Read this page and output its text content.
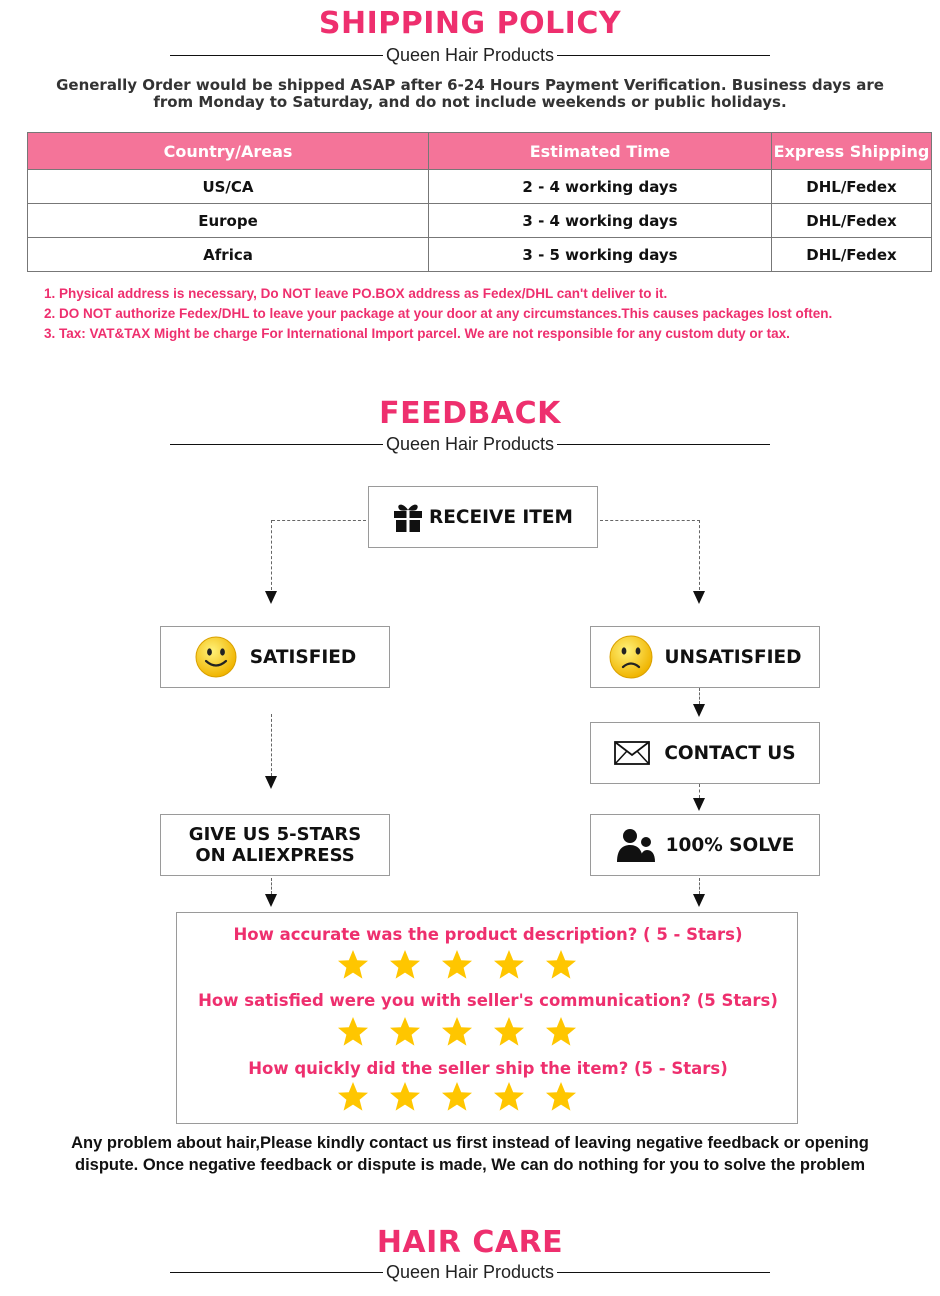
SHIPPING POLICY
Queen Hair Products
Generally Order would be shipped ASAP after 6-24 Hours Payment Verification. Business days are from Monday to Saturday, and do not include weekends or public holidays.
Country/Areas	Estimated Time	Express Shipping
US/CA	2 - 4 working days	DHL/Fedex
Europe	3 - 4 working days	DHL/Fedex
Africa	3 - 5 working days	DHL/Fedex
1. Physical address is necessary, Do NOT leave PO.BOX address as Fedex/DHL can't deliver to it.
2. DO NOT authorize Fedex/DHL to leave your package at your door at any circumstances.This causes packages lost often.
3. Tax: VAT&TAX Might be charge For International Import parcel. We are not responsible for any custom duty or tax.
FEEDBACK
Queen Hair Products
RECEIVE ITEM
SATISFIED	UNSATISFIED
CONTACT US
GIVE US 5-STARS
ON ALIEXPRESS	100% SOLVE
How accurate was the product description? ( 5 - Stars)
How satisfied were you with seller's communication? (5 Stars)
How quickly did the seller ship the item? (5 - Stars)
Any problem about hair,Please kindly contact us first instead of leaving negative feedback or opening
dispute. Once negative feedback or dispute is made, We can do nothing for you to solve the problem
HAIR CARE
Queen Hair Products
